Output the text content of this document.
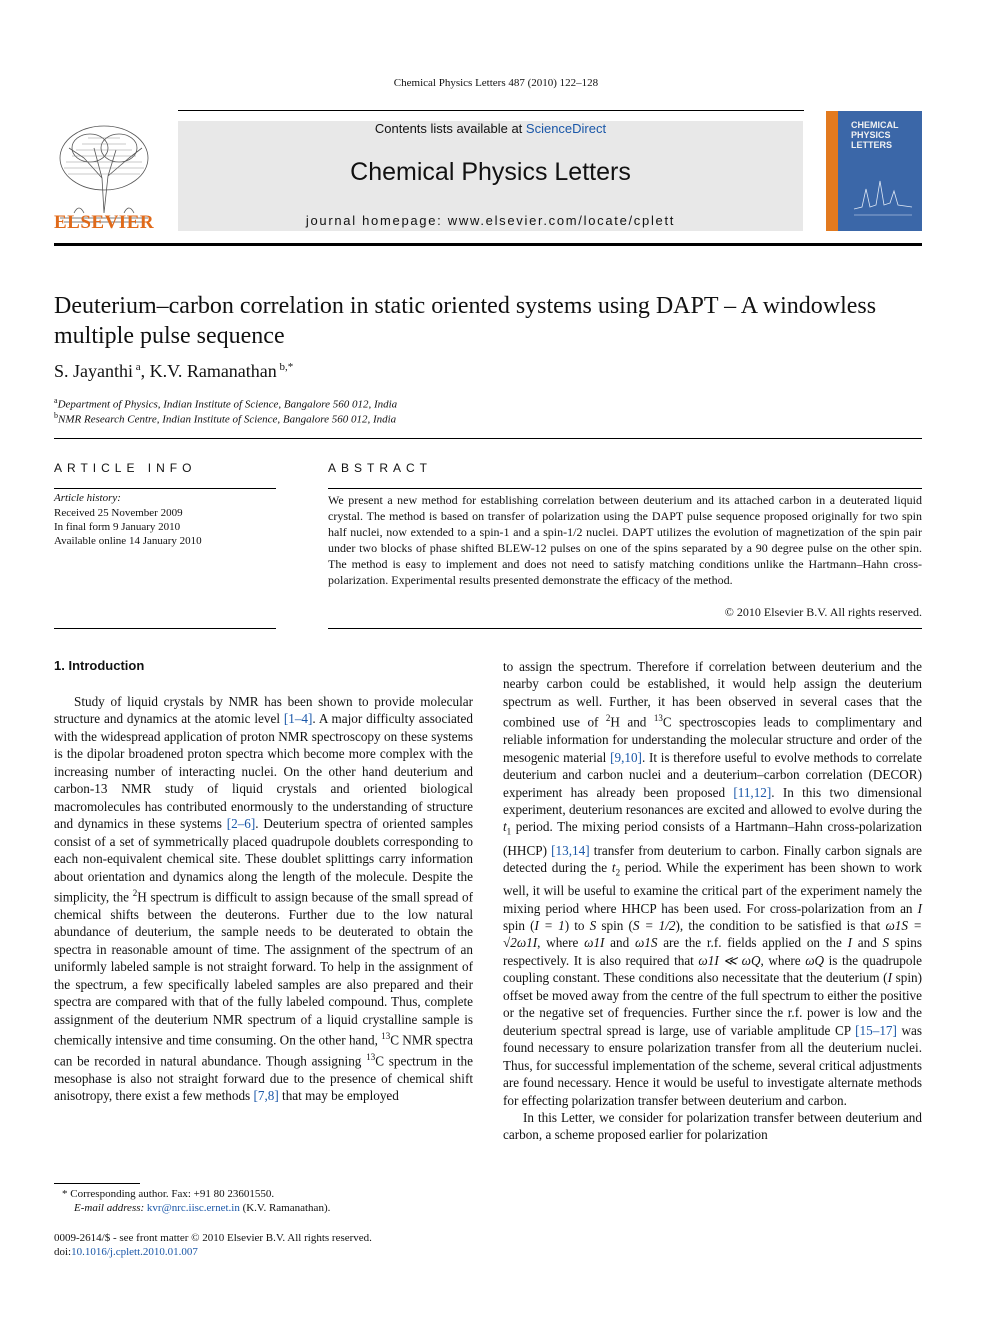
Chemical Physics Letters 487 (2010) 122–128
ELSEVIER
Contents lists available at ScienceDirect
Chemical Physics Letters
journal homepage: www.elsevier.com/locate/cplett
CHEMICAL
PHYSICS
LETTERS
Deuterium–carbon correlation in static oriented systems using DAPT – A windowless multiple pulse sequence
S. Jayanthi $^a$, K.V. Ramanathan $^{b,*}$
$^a$Department of Physics, Indian Institute of Science, Bangalore 560 012, India
$^b$NMR Research Centre, Indian Institute of Science, Bangalore 560 012, India
ARTICLE INFO
Article history:
Received 25 November 2009
In final form 9 January 2010
Available online 14 January 2010
ABSTRACT
We present a new method for establishing correlation between deuterium and its attached carbon in a deuterated liquid crystal. The method is based on transfer of polarization using the DAPT pulse sequence proposed originally for two spin half nuclei, now extended to a spin-1 and a spin-1/2 nuclei. DAPT utilizes the evolution of magnetization of the spin pair under two blocks of phase shifted BLEW-12 pulses on one of the spins separated by a 90 degree pulse on the other spin. The method is easy to implement and does not need to satisfy matching conditions unlike the Hartmann–Hahn cross-polarization. Experimental results presented demonstrate the efficacy of the method.
© 2010 Elsevier B.V. All rights reserved.
1. Introduction

Study of liquid crystals by NMR has been shown to provide molecular structure and dynamics at the atomic level [1–4]. A major difficulty associated with the widespread application of proton NMR spectroscopy on these systems is the dipolar broadened proton spectra which become more complex with the increasing number of interacting nuclei. On the other hand deuterium and carbon-13 NMR study of liquid crystals and oriented biological macromolecules has contributed enormously to the understanding of structure and dynamics in these systems [2–6]. Deuterium spectra of oriented samples consist of a set of symmetrically placed quadrupole doublets corresponding to each non-equivalent chemical site. These doublet splittings carry information about orientation and dynamics along the length of the molecule. Despite the simplicity, the $^2$H spectrum is difficult to assign because of the small spread of chemical shifts between the deuterons. Further due to the low natural abundance of deuterium, the sample needs to be deuterated to obtain the spectra in reasonable amount of time. The assignment of the spectrum of an uniformly labeled sample is not straight forward. To help in the assignment of the spectrum, a few specifically labeled samples are also prepared and their spectra are compared with that of the fully labeled compound. Thus, complete assignment of the deuterium NMR spectrum of a liquid crystalline sample is chemically intensive and time consuming. On the other hand, $^{13}$C NMR spectra can be recorded in natural abundance. Though assigning $^{13}$C spectrum in the mesophase is also not straight forward due to the presence of chemical shift anisotropy, there exist a few methods [7,8] that may be employed

to assign the spectrum. Therefore if correlation between deuterium and the nearby carbon could be established, it would help assign the deuterium spectrum as well. Further, it has been observed in several cases that the combined use of $^2$H and $^{13}$C spectroscopies leads to complimentary and reliable information for understanding the molecular structure and order of the mesogenic material [9,10]. It is therefore useful to evolve methods to correlate deuterium and carbon nuclei and a deuterium–carbon correlation (DECOR) experiment has already been proposed [11,12]. In this two dimensional experiment, deuterium resonances are excited and allowed to evolve during the $t_1$ period. The mixing period consists of a Hartmann–Hahn cross-polarization (HHCP) [13,14] transfer from deuterium to carbon. Finally carbon signals are detected during the $t_2$ period. While the experiment has been shown to work well, it will be useful to examine the critical part of the experiment namely the mixing period where HHCP has been used. For cross-polarization from an I spin (I = 1) to S spin (S = 1/2), the condition to be satisfied is that ω1S = √2ω1I, where ω1I and ω1S are the r.f. fields applied on the I and S spins respectively. It is also required that ω1I ≪ ωQ, where ωQ is the quadrupole coupling constant. These conditions also necessitate that the deuterium (I spin) offset be moved away from the centre of the full spectrum to either the positive or the negative set of frequencies. Further since the r.f. power is low and the deuterium spectral spread is large, use of variable amplitude CP [15–17] was found necessary to ensure polarization transfer from all the deuterium nuclei. Thus, for successful implementation of the scheme, several critical adjustments are found necessary. Hence it would be useful to investigate alternate methods for effecting polarization transfer between deuterium and carbon.

In this Letter, we consider for polarization transfer between deuterium and carbon, a scheme proposed earlier for polarization

* Corresponding author. Fax: +91 80 23601550.
E-mail address: kvr@nrc.iisc.ernet.in (K.V. Ramanathan).
0009-2614/$ - see front matter © 2010 Elsevier B.V. All rights reserved.
doi:10.1016/j.cplett.2010.01.007
